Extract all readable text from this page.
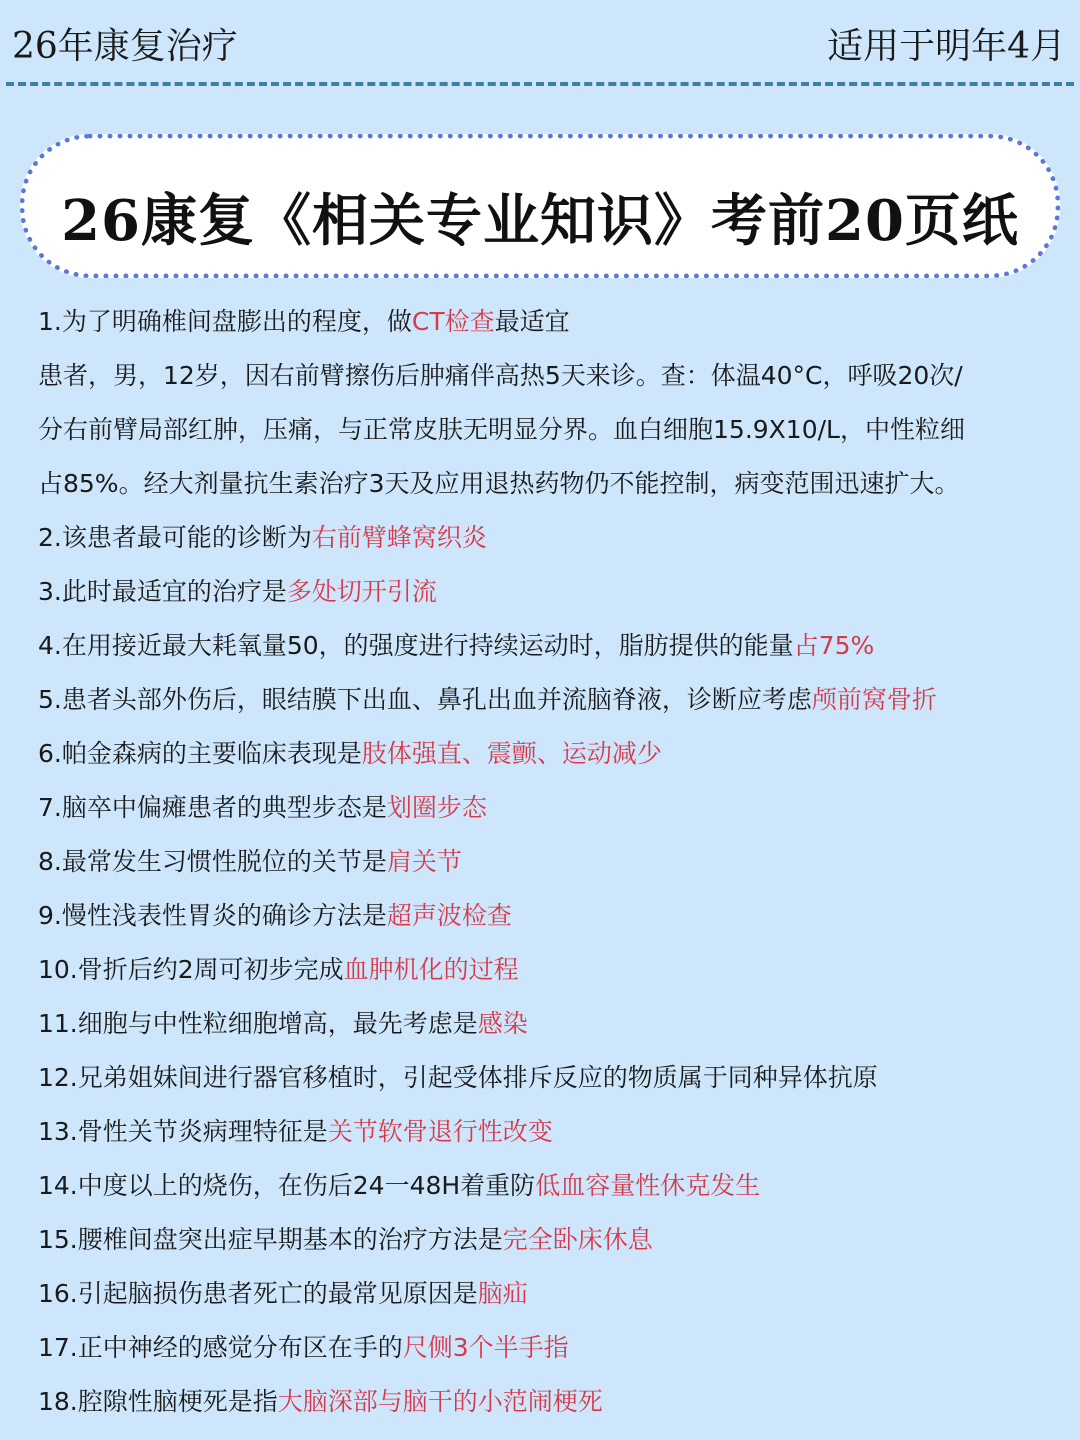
26年康复治疗	适用于明年4月
26康复《相关专业知识》考前20页纸
1.为了明确椎间盘膨出的程度，做CT检查最适宜
患者，男，12岁，因右前臂擦伤后肿痛伴高热5天来诊。查：体温40°C，呼吸20次/
分右前臂局部红肿，压痛，与正常皮肤无明显分界。血白细胞15.9X10/L，中性粒细
占85%。经大剂量抗生素治疗3天及应用退热药物仍不能控制，病变范围迅速扩大。
2.该患者最可能的诊断为右前臂蜂窝织炎
3.此时最适宜的治疗是多处切开引流
4.在用接近最大耗氧量50，的强度进行持续运动时，脂肪提供的能量占75%
5.患者头部外伤后，眼结膜下出血、鼻孔出血并流脑脊液，诊断应考虑颅前窝骨折
6.帕金森病的主要临床表现是肢体强直、震颤、运动减少
7.脑卒中偏瘫患者的典型步态是划圈步态
8.最常发生习惯性脱位的关节是肩关节
9.慢性浅表性胃炎的确诊方法是超声波检查
10.骨折后约2周可初步完成血肿机化的过程
11.细胞与中性粒细胞增高，最先考虑是感染
12.兄弟姐妹间进行器官移植时，引起受体排斥反应的物质属于同种异体抗原
13.骨性关节炎病理特征是关节软骨退行性改变
14.中度以上的烧伤，在伤后24一48H着重防低血容量性休克发生
15.腰椎间盘突出症早期基本的治疗方法是完全卧床休息
16.引起脑损伤患者死亡的最常见原因是脑疝
17.正中神经的感觉分布区在手的尺侧3个半手指
18.腔隙性脑梗死是指大脑深部与脑干的小范闹梗死
